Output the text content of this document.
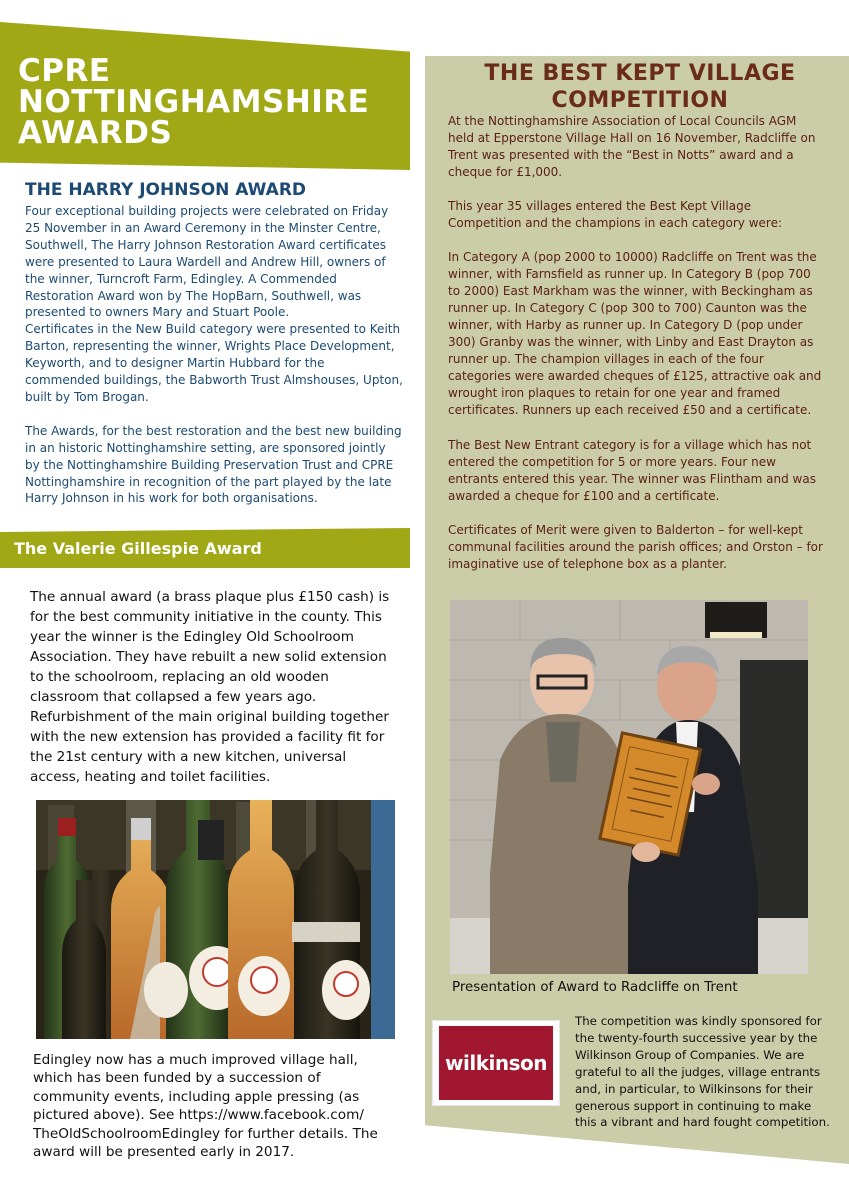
CPRE
NOTTINGHAMSHIRE
AWARDS
THE HARRY JOHNSON AWARD
Four exceptional building projects were celebrated on Friday 25 November in an Award Ceremony in the Minster Centre, Southwell, The Harry Johnson Restoration Award certificates were presented to Laura Wardell and Andrew Hill, owners of the winner, Turncroft Farm, Edingley. A Commended Restoration Award won by The HopBarn, Southwell, was presented to owners Mary and Stuart Poole.
Certificates in the New Build category were presented to Keith Barton, representing the winner, Wrights Place Development, Keyworth, and to designer Martin Hubbard for the commended buildings, the Babworth Trust Almshouses, Upton, built by Tom Brogan.

The Awards, for the best restoration and the best new building in an historic Nottinghamshire setting, are sponsored jointly by the Nottinghamshire Building Preservation Trust and CPRE Nottinghamshire in recognition of the part played by the late Harry Johnson in his work for both organisations.
The Valerie Gillespie Award
The annual award (a brass plaque plus £150 cash) is for the best community initiative in the county. This year the winner is the Edingley Old Schoolroom Association. They have rebuilt a new solid extension to the schoolroom, replacing an old wooden classroom that collapsed a few years ago. Refurbishment of the main original building together with the new extension has provided a facility fit for the 21st century with a new kitchen, universal access, heating and toilet facilities.
Edingley now has a much improved village hall, which has been funded by a succession of community events, including apple pressing (as pictured above). See https://www.facebook.com/ TheOldSchoolroomEdingley for further details. The award will be presented early in 2017.
THE BEST KEPT VILLAGE COMPETITION
At the Nottinghamshire Association of Local Councils AGM held at Epperstone Village Hall on 16 November, Radcliffe on Trent was presented with the “Best in Notts” award and a cheque for £1,000.
This year 35 villages entered the Best Kept Village Competition and the champions in each category were:
In Category A (pop 2000 to 10000) Radcliffe on Trent was the winner, with Farnsfield as runner up. In Category B (pop 700 to 2000) East Markham was the winner, with Beckingham as runner up. In Category C (pop 300 to 700) Caunton was the winner, with Harby as runner up. In Category D (pop under 300) Granby was the winner, with Linby and East Drayton as runner up. The champion villages in each of the four categories were awarded cheques of £125, attractive oak and wrought iron plaques to retain for one year and framed certificates. Runners up each received £50 and a certificate.
The Best New Entrant category is for a village which has not entered the competition for 5 or more years. Four new entrants entered this year. The winner was Flintham and was awarded a cheque for £100 and a certificate.
Certificates of Merit were given to Balderton – for well-kept communal facilities around the parish offices; and Orston – for imaginative use of telephone box as a planter.
Presentation of Award to Radcliffe on Trent
wilkinson
The competition was kindly sponsored for the twenty-fourth successive year by the Wilkinson Group of Companies. We are grateful to all the judges, village entrants and, in particular, to Wilkinsons for their generous support in continuing to make this a vibrant and hard fought competition.
